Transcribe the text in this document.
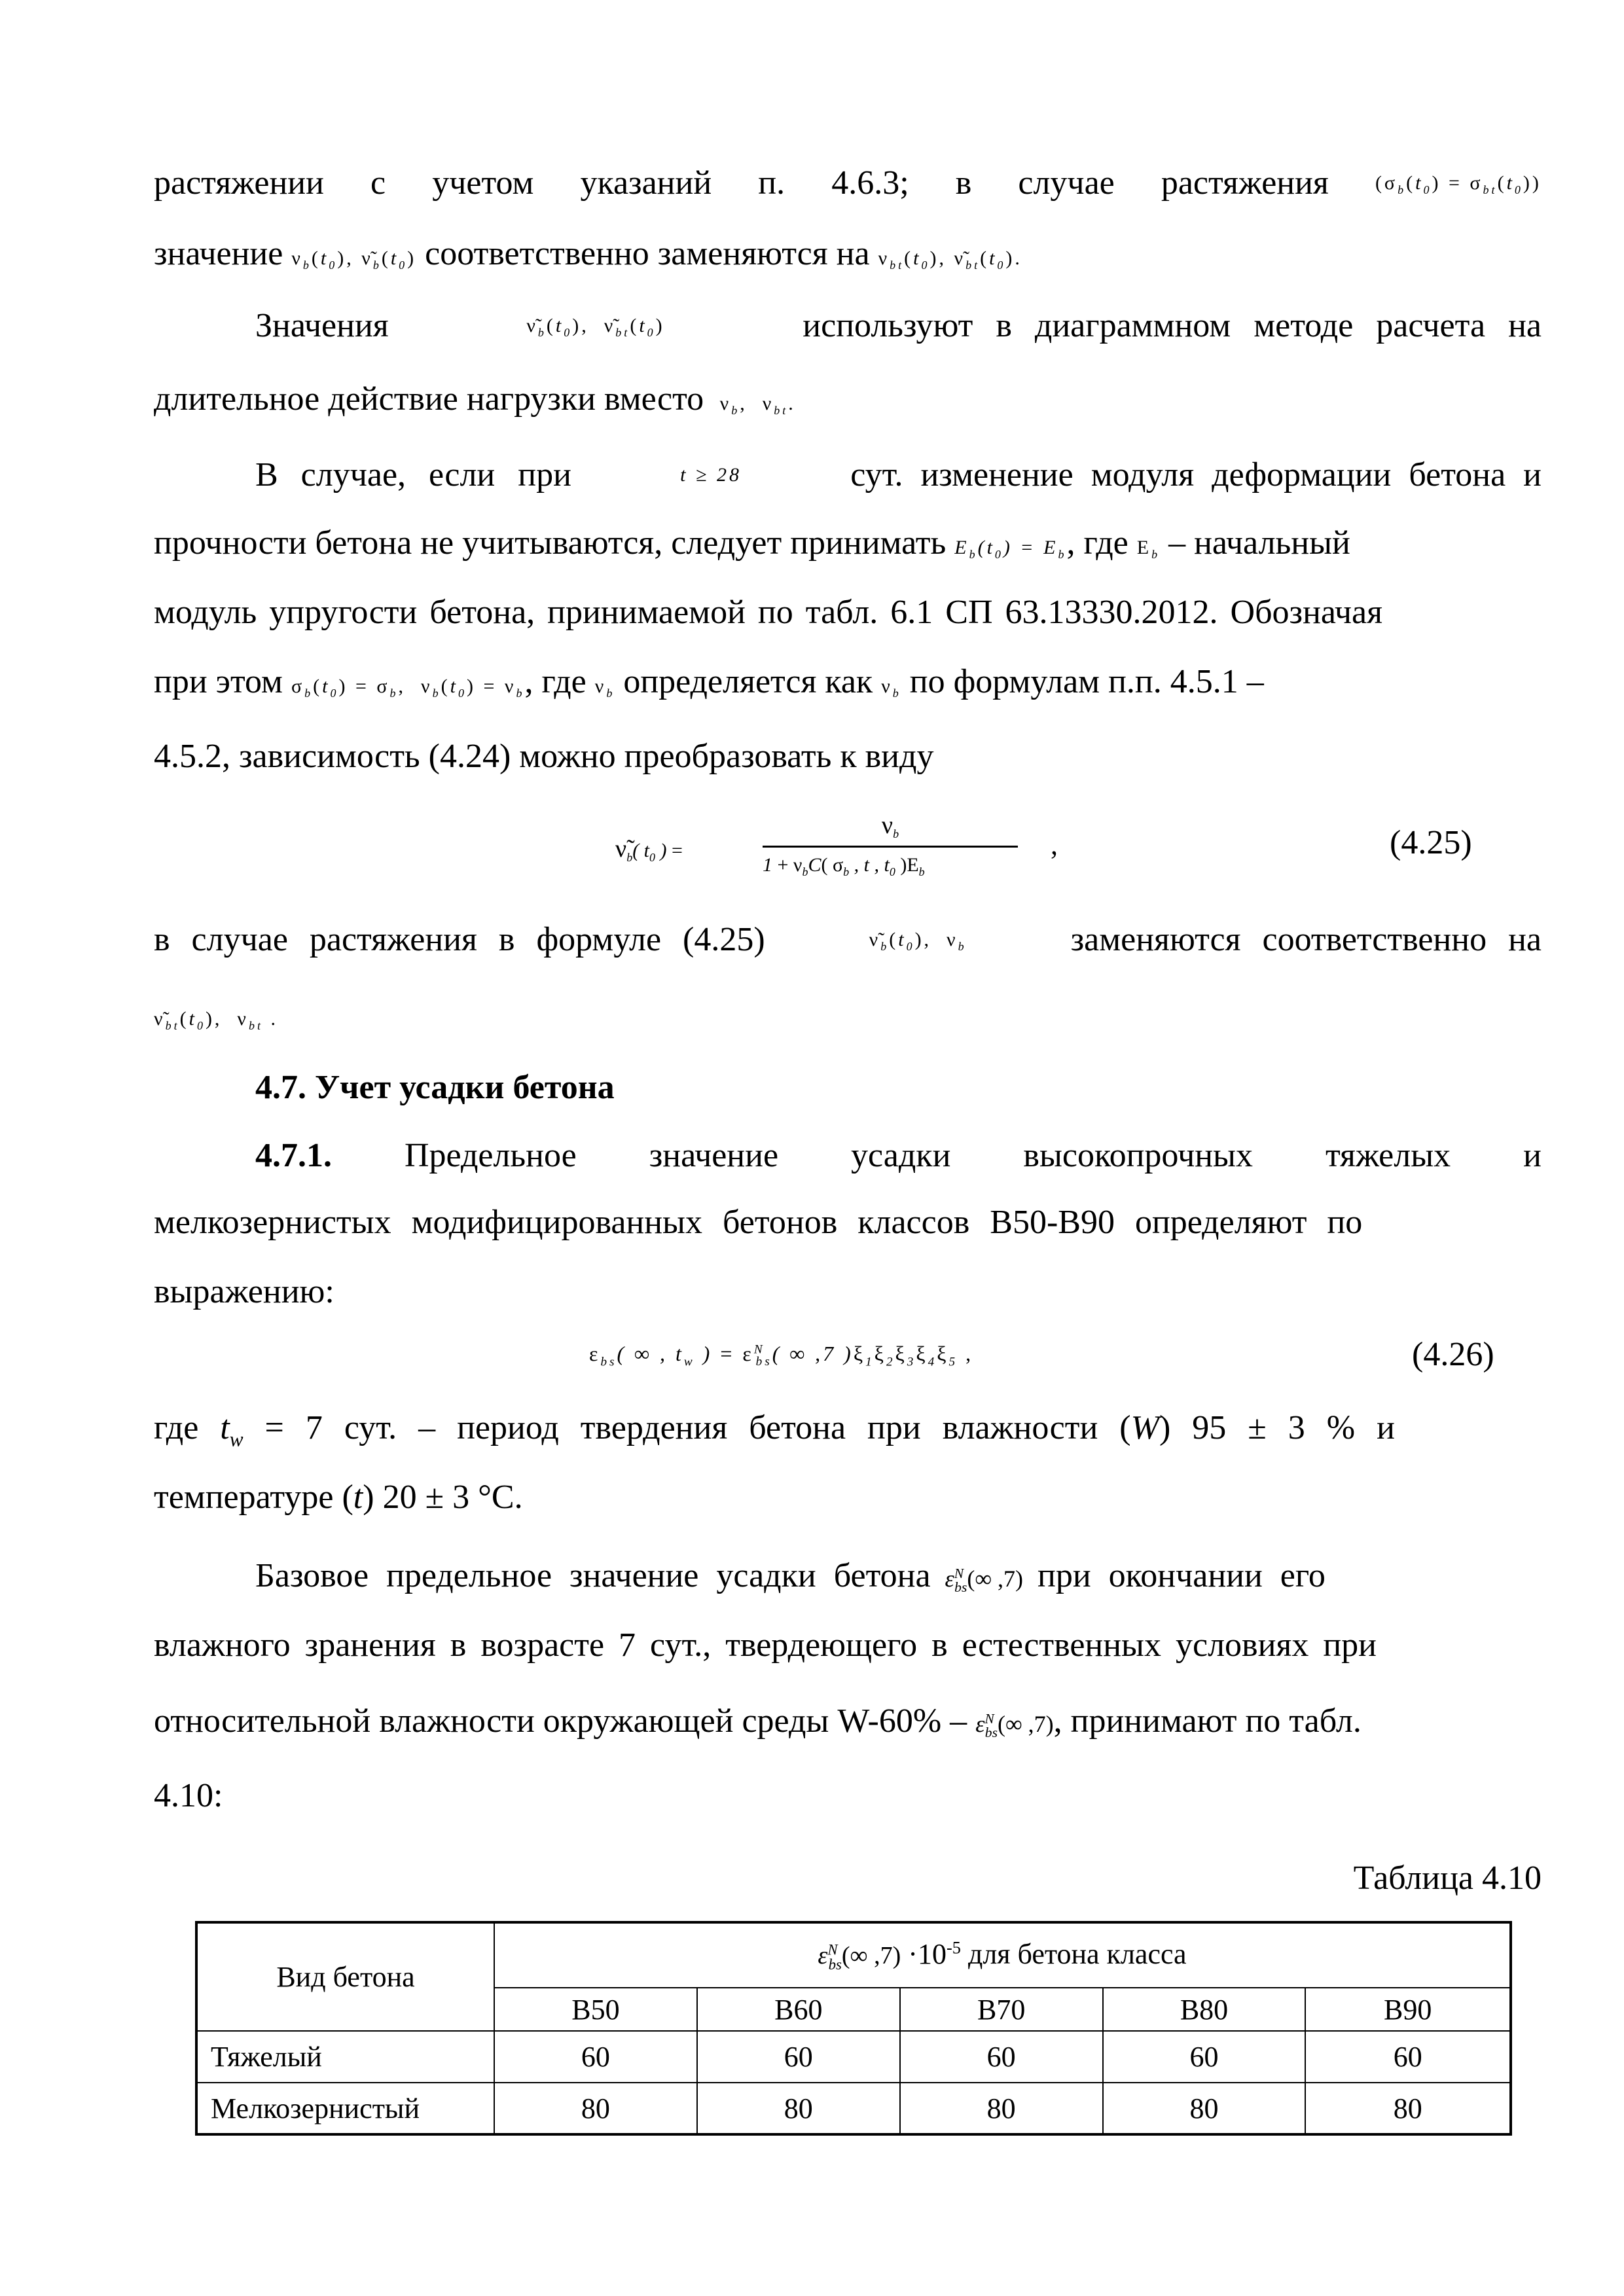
растяжении с учетом указаний п. 4.6.3; в случае растяжения $(\sigma_b(t_0) = \sigma_{bt}(t_0))$
значение $\nu_b(t_0)$, $\nũ_b(t_0)$ соответственно заменяются на $\nu_{bt}(t_0)$, $\nũ_{bt}(t_0)$.
Значения	$\nũ_b(t_0)$,  $\nũ_{bt}(t_0)$	используют в диаграммном методе расчета на
длительное действие нагрузки вместо  $\nu_b$,  $\nu_{bt}$.
В случае, если при	t ≥ 28	сут. изменение модуля деформации бетона и
прочности бетона не учитываются, следует принимать $E_b(t_0) = E_b$, где $Е_b$ – начальный
модуль упругости бетона, принимаемой по табл. 6.1 СП 63.13330.2012. Обозначая
при этом $\sigma_b(t_0) = \sigma_b$,  $\nu_b(t_0) = \nu_b$, где $\nu_b$ определяется как $\nu_b$ по формулам п.п. 4.5.1 –
4.5.2, зависимость (4.24) можно преобразовать к виду
$\nũ_b$( $t_0$ ) =
$\nu_b$
$1 + \nu_bC$( $\sigma_b$ , t , $t_0$ )$Е_b$
,	(4.25)
в случае растяжения в формуле (4.25)	$\nũ_b(t_0)$,  $\nu_b$	заменяются соответственно на
$\nũ_{bt}(t_0)$,  $\nu_{bt}$ .
4.7. Учет усадки бетона
4.7.1. Предельное значение усадки высокопрочных тяжелых и
мелкозернистых модифицированных бетонов классов В50-В90 определяют по
выражению:
$\varepsilon_{bs}$( ∞ , $t_w$ ) = $\varepsilon^N_{bs}$( ∞ ,7 )$\xi_1\xi_2\xi_3\xi_4\xi_5$ ,	(4.26)
где $t_w = 7$ сут. – период твердения бетона при влажности (W) 95 ± 3 % и
температуре (t) 20 ± 3 °С.
Базовое предельное значение усадки бетона $\varepsilon^N_{bs}(\infty$ ,7)  при окончании его
влажного зранения в возрасте 7 сут., твердеющего в естественных условиях при
относительной влажности окружающей среды $W-60\% - \varepsilon^N_{bs}(\infty$ ,7), принимают по табл.
4.10:
Таблица 4.10
Вид бетона	$\varepsilon^N_{bs}(\infty$ $,7) \cdot 10^{-5}$ для бетона класса				
	В50	В60	В70	В80	В90
Тяжелый	60	60	60	60	60
Мелкозернистый	80	80	80	80	80
